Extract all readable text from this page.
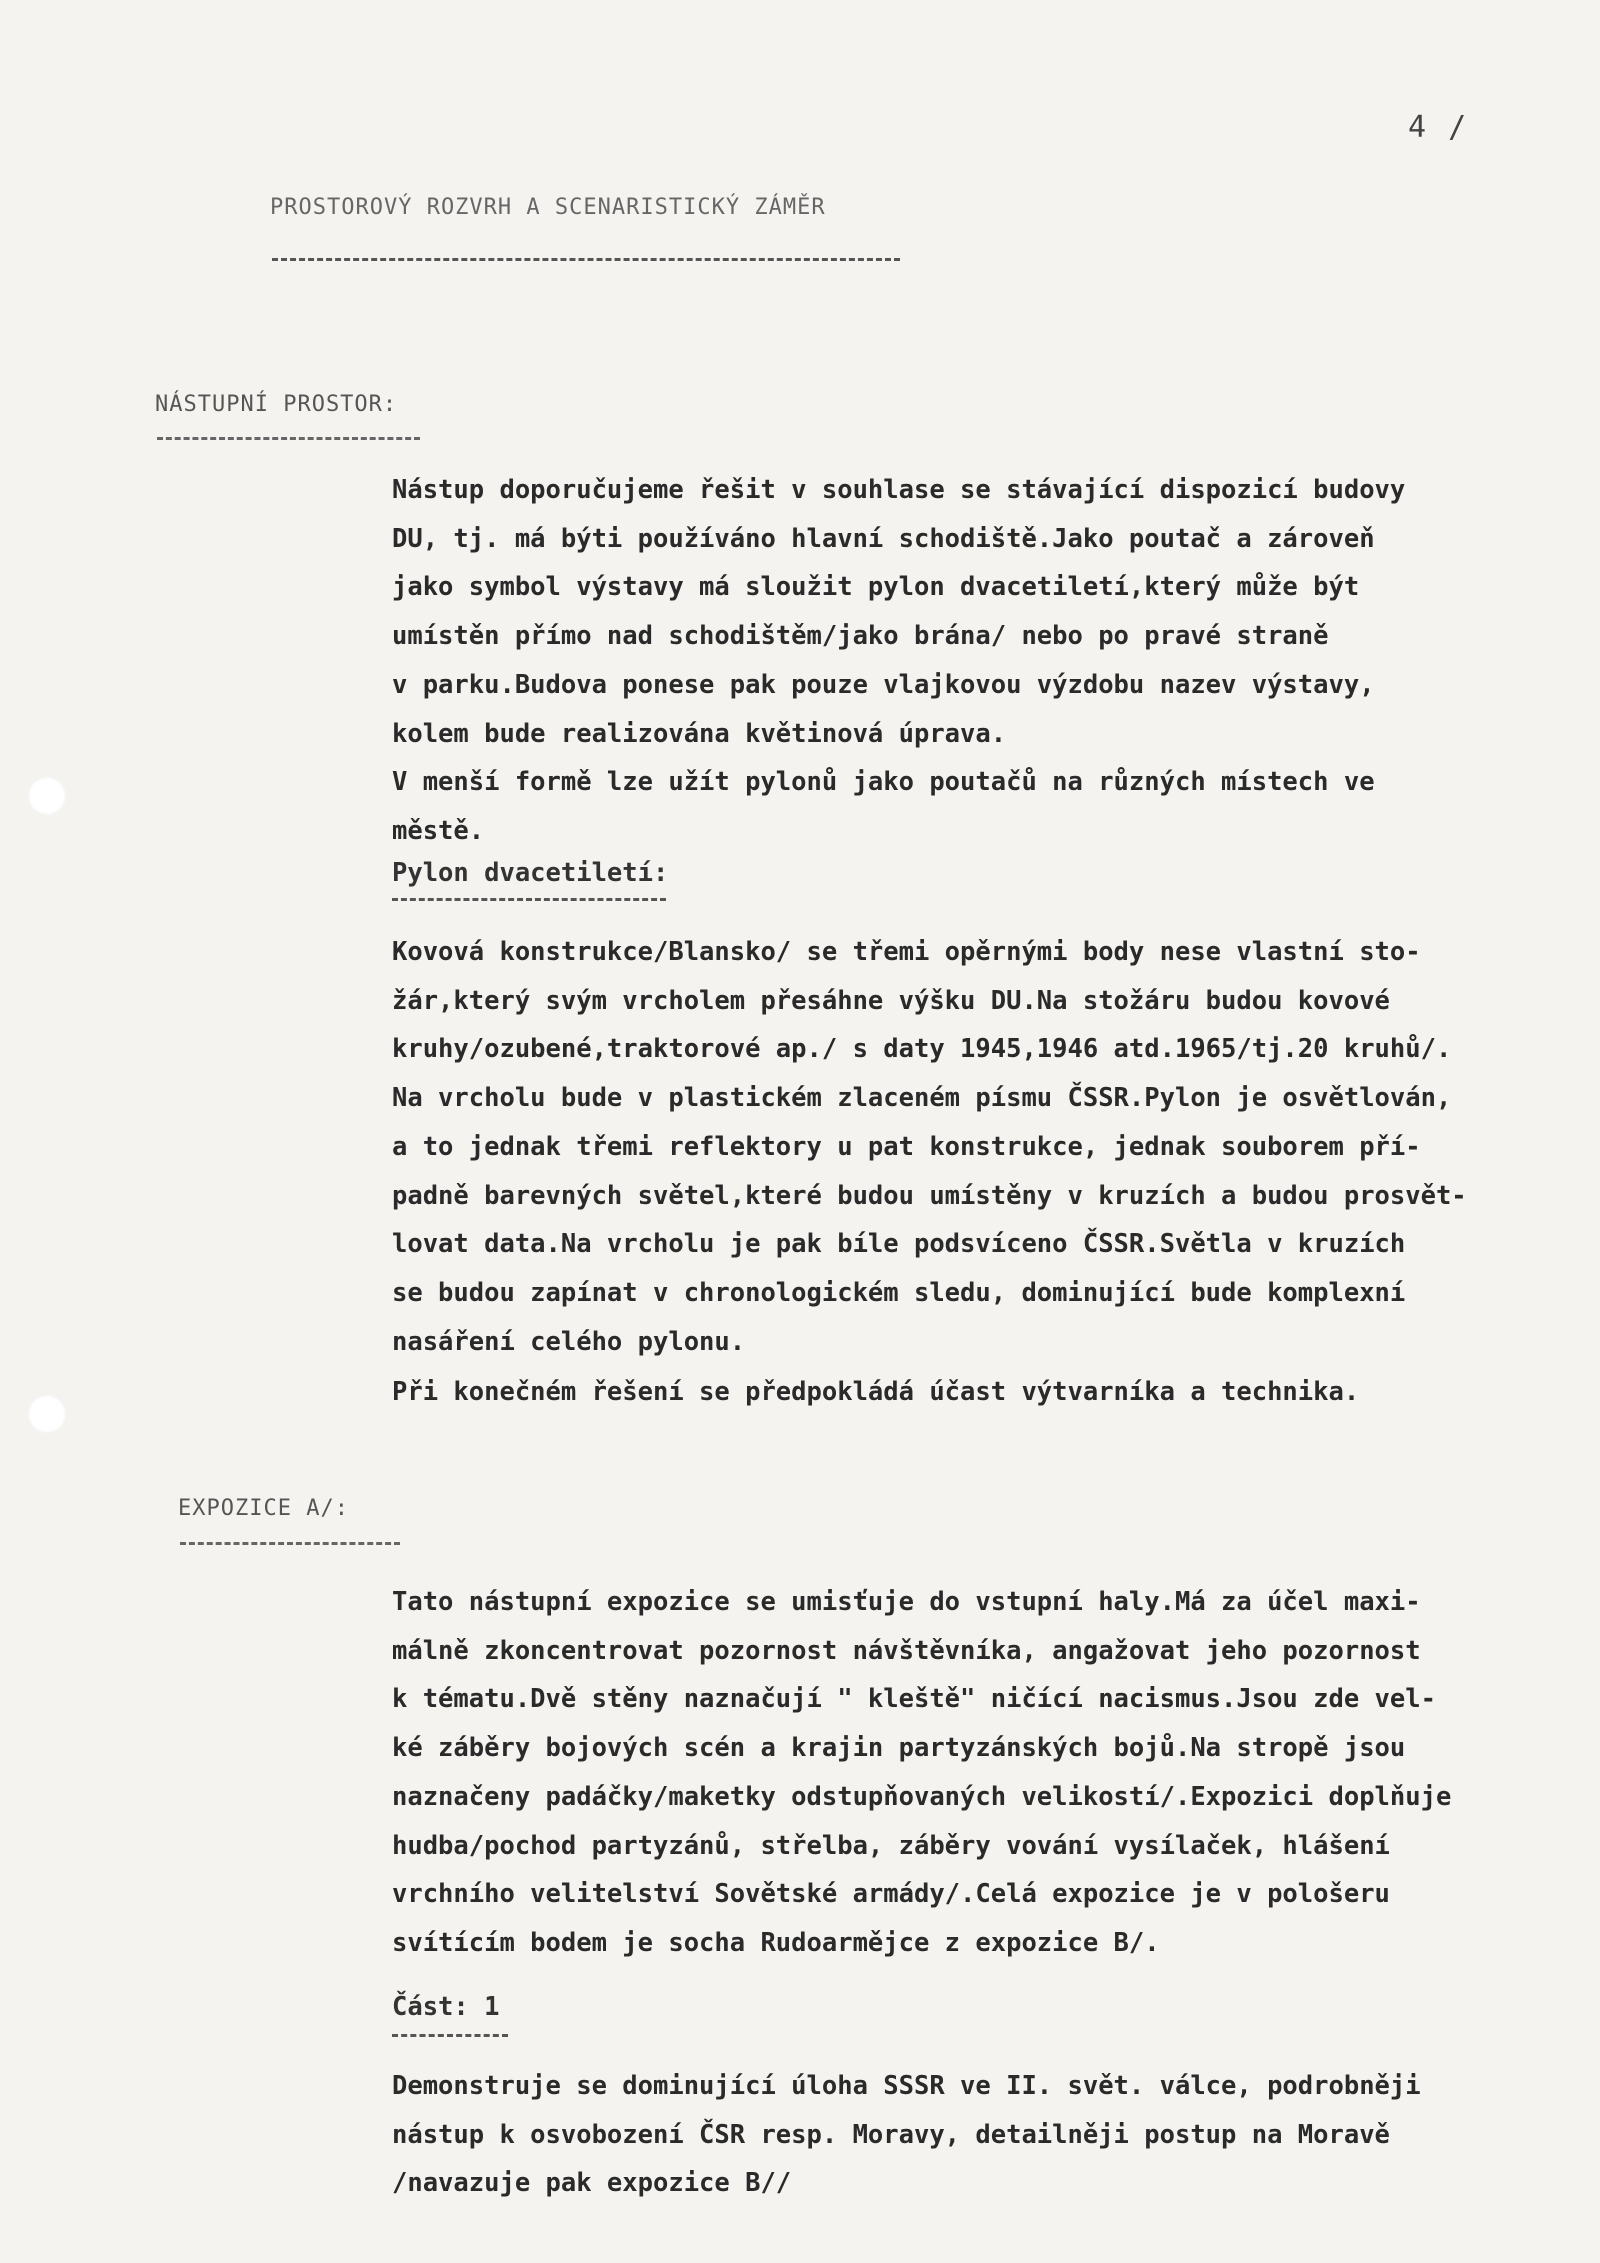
4 /
PROSTOROVÝ ROZVRH A SCENARISTICKÝ ZÁMĚR
NÁSTUPNÍ PROSTOR:

Nástup doporučujeme řešit v souhlase se stávající dispozicí budovy
DU, tj. má býti používáno hlavní schodiště.Jako poutač a zároveň
jako symbol výstavy má sloužit pylon dvacetiletí,který může být
umístěn přímo nad schodištěm/jako brána/ nebo po pravé straně
v parku.Budova ponese pak pouze vlajkovou výzdobu nazev výstavy,
kolem bude realizována květinová úprava.
V menší formě lze užít pylonů jako poutačů na různých místech ve
městě.

Pylon dvacetiletí:

Kovová konstrukce/Blansko/ se třemi opěrnými body nese vlastní sto-
žár,který svým vrcholem přesáhne výšku DU.Na stožáru budou kovové
kruhy/ozubené,traktorové ap./ s daty 1945,1946 atd.1965/tj.20 kruhů/.
Na vrcholu bude v plastickém zlaceném písmu ČSSR.Pylon je osvětlován,
a to jednak třemi reflektory u pat konstrukce, jednak souborem pří-
padně barevných světel,které budou umístěny v kruzích a budou prosvět-
lovat data.Na vrcholu je pak bíle podsvíceno ČSSR.Světla v kruzích
se budou zapínat v chronologickém sledu, dominující bude komplexní
nasáření celého pylonu.

Při konečném řešení se předpokládá účast výtvarníka a technika.

EXPOZICE A/:

Tato nástupní expozice se umisťuje do vstupní haly.Má za účel maxi-
málně zkoncentrovat pozornost návštěvníka, angažovat jeho pozornost
k tématu.Dvě stěny naznačují " kleště" ničící nacismus.Jsou zde vel-
ké záběry bojových scén a krajin partyzánských bojů.Na stropě jsou
naznačeny padáčky/maketky odstupňovaných velikostí/.Expozici doplňuje
hudba/pochod partyzánů, střelba, záběry vování vysílaček, hlášení
vrchního velitelství Sovětské armády/.Celá expozice je v pološeru
svítícím bodem je socha Rudoarmějce z expozice B/.

Část: 1

Demonstruje se dominující úloha SSSR ve II. svět. válce, podrobněji
nástup k osvobození ČSR resp. Moravy, detailněji postup na Moravě
/navazuje pak expozice B//
